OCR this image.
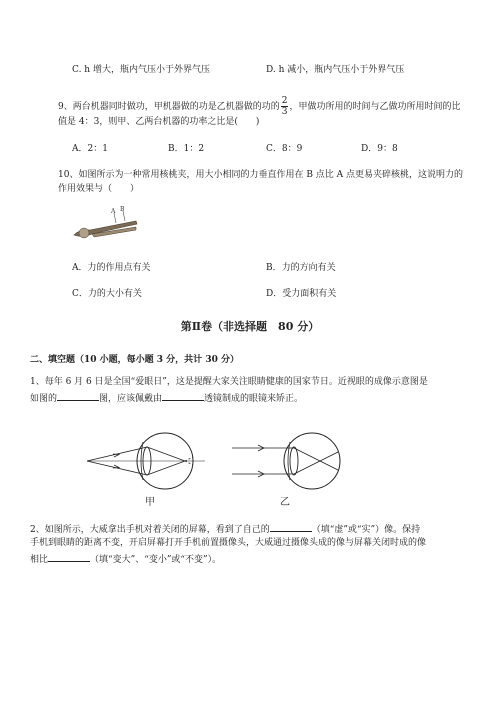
C. h 增大，瓶内气压小于外界气压	D. h 减小，瓶内气压小于外界气压
9、两台机器同时做功，甲机器做的功是乙机器做的功的 $\frac{2}{3}$ ，甲做功所用的时间与乙做功所用时间的比
值是 4：3，则甲、乙两台机器的功率之比是(　　)
A．2：1	B．1：2	C．8：9	D．9：8
10、如图所示为一种常用核桃夹，用大小相同的力垂直作用在 B 点比 A 点更易夹碎核桃，这说明力的
作用效果与（　　）
A B
A．力的作用点有关	B．力的方向有关
C．力的大小有关	D．受力面积有关
第Ⅱ卷（非选择题　80 分）
二、填空题（10 小题，每小题 3 分，共计 30 分）
1、每年 6 月 6 日是全国“爱眼日”，这是提醒大家关注眼睛健康的国家节日。近视眼的成像示意图是
如图的	图，应该佩戴由	透镜制成的眼镜来矫正。
甲	乙
2、如图所示，大威拿出手机对着关闭的屏幕，看到了自己的	（填“虚”或“实”）像。保持
手机到眼睛的距离不变，开启屏幕打开手机前置摄像头，大威通过摄像头成的像与屏幕关闭时成的像
相比	（填“变大”、“变小”或“不变”）。
